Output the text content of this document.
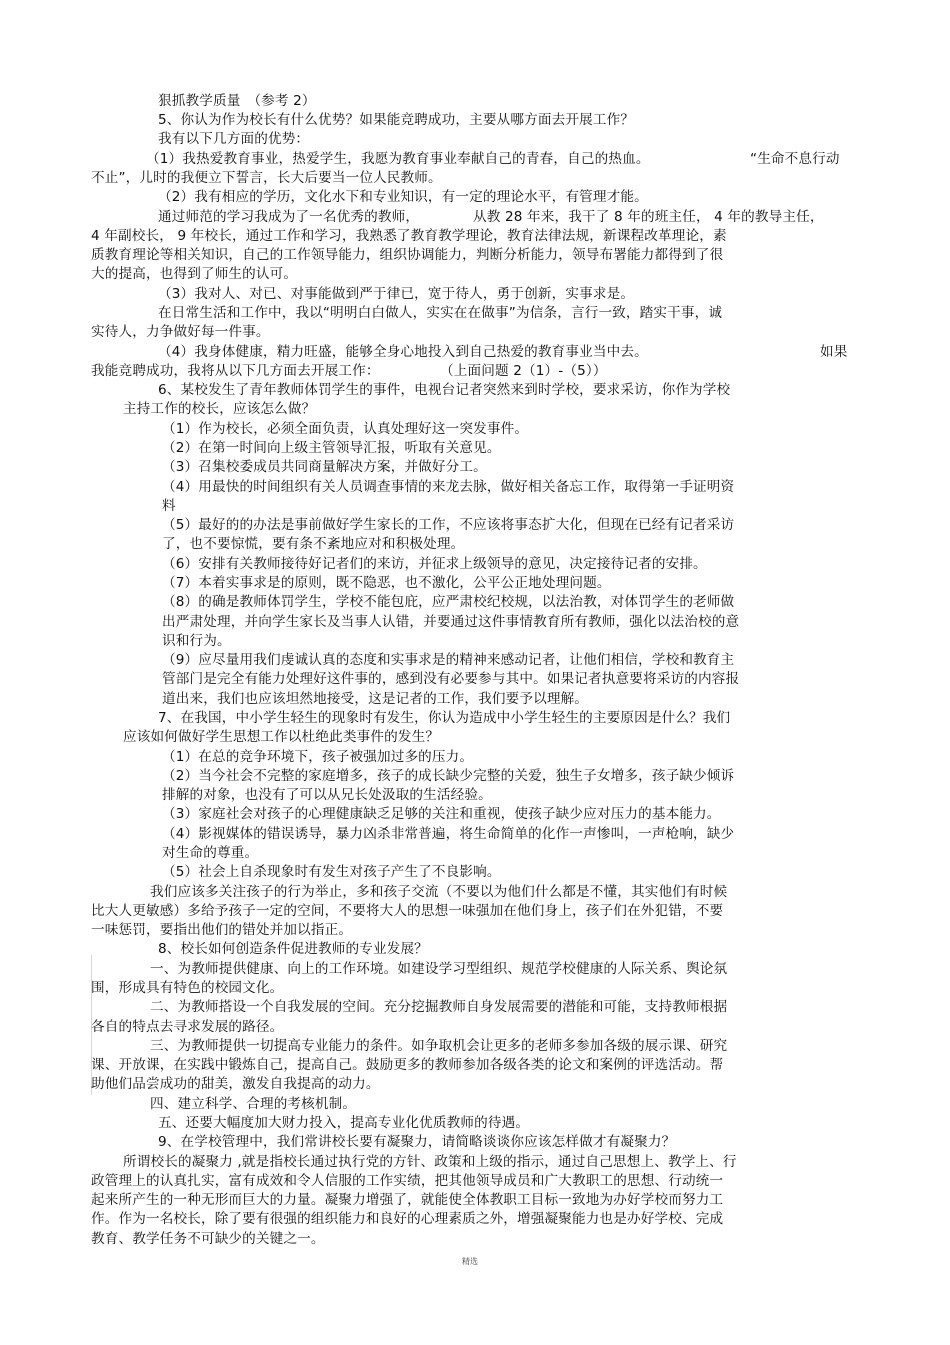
狠抓教学质量　（参考 2）
5、你认为作为校长有什么优势？如果能竞聘成功，主要从哪方面去开展工作？
我有以下几方面的优势：
（1）我热爱教育事业，热爱学生，我愿为教育事业奉献自己的青春，自己的热血。	“生命不息行动
不止”，儿时的我便立下誓言，长大后要当一位人民教师。
（2）我有相应的学历，文化水下和专业知识，有一定的理论水平，有管理才能。
通过师范的学习我成为了一名优秀的教师，	从教 28 年来，我干了 8 年的班主任， 4 年的教导主任，
4 年副校长， 9 年校长，通过工作和学习，我熟悉了教育教学理论，教育法律法规，新课程改革理论，素
质教育理论等相关知识，自己的工作领导能力，组织协调能力，判断分析能力，领导布署能力都得到了很
大的提高，也得到了师生的认可。
（3）我对人、对已、对事能做到严于律已，宽于待人，勇于创新，实事求是。
在日常生活和工作中，我以“明明白白做人，实实在在做事”为信条，言行一致，踏实干事，诚
实待人，力争做好每一件事。
（4）我身体健康，精力旺盛，能够全身心地投入到自己热爱的教育事业当中去。	如果
我能竞聘成功，我将从以下几方面去开展工作：	（上面问题 2（1）-（5））
6、某校发生了青年教师体罚学生的事件，电视台记者突然来到时学校，要求采访，你作为学校
主持工作的校长，应该怎么做？
（1）作为校长，必须全面负责，认真处理好这一突发事件。
（2）在第一时间向上级主管领导汇报，听取有关意见。
（3）召集校委成员共同商量解决方案，并做好分工。
（4）用最快的时间组织有关人员调查事情的来龙去脉，做好相关备忘工作，取得第一手证明资
料
（5）最好的的办法是事前做好学生家长的工作，不应该将事态扩大化，但现在已经有记者采访
了，也不要惊慌，要有条不紊地应对和积极处理。
（6）安排有关教师接待好记者们的来访，并征求上级领导的意见，决定接待记者的安排。
（7）本着实事求是的原则，既不隐恶，也不激化，公平公正地处理问题。
（8）的确是教师体罚学生，学校不能包庇，应严肃校纪校规，以法治教，对体罚学生的老师做
出严肃处理，并向学生家长及当事人认错，并要通过这件事情教育所有教师，强化以法治校的意
识和行为。
（9）应尽量用我们虔诚认真的态度和实事求是的精神来感动记者，让他们相信，学校和教育主
管部门是完全有能力处理好这件事的，感到没有必要参与其中。如果记者执意要将采访的内容报
道出来，我们也应该坦然地接受，这是记者的工作，我们要予以理解。
7、在我国，中小学生轻生的现象时有发生，你认为造成中小学生轻生的主要原因是什么？我们
应该如何做好学生思想工作以杜绝此类事件的发生？
（1）在总的竞争环境下，孩子被强加过多的压力。
（2）当今社会不完整的家庭增多，孩子的成长缺少完整的关爱，独生子女增多，孩子缺少倾诉
排解的对象，也没有了可以从兄长处汲取的生活经验。
（3）家庭社会对孩子的心理健康缺乏足够的关注和重视，使孩子缺少应对压力的基本能力。
（4）影视媒体的错误诱导，暴力凶杀非常普遍，将生命简单的化作一声惨叫，一声枪响，缺少
对生命的尊重。
（5）社会上自杀现象时有发生对孩子产生了不良影响。
我们应该多关注孩子的行为举止，多和孩子交流（不要以为他们什么都是不懂，其实他们有时候
比大人更敏感）多给予孩子一定的空间，不要将大人的思想一味强加在他们身上，孩子们在外犯错，不要
一味惩罚，要指出他们的错处并加以指正。
8、校长如何创造条件促进教师的专业发展？
一、为教师提供健康、向上的工作环境。如建设学习型组织、规范学校健康的人际关系、舆论氛
围，形成具有特色的校园文化。
二、为教师搭设一个自我发展的空间。充分挖掘教师自身发展需要的潜能和可能，支持教师根据
各自的特点去寻求发展的路径。
三、为教师提供一切提高专业能力的条件。如争取机会让更多的老师多参加各级的展示课、研究
课、开放课，在实践中锻炼自己，提高自己。鼓励更多的教师参加各级各类的论文和案例的评选活动。帮
助他们品尝成功的甜美，激发自我提高的动力。
四、建立科学、合理的考核机制。
五、还要大幅度加大财力投入，提高专业化优质教师的待遇。
9、在学校管理中，我们常讲校长要有凝聚力，请简略谈谈你应该怎样做才有凝聚力？
所谓校长的凝聚力 ,就是指校长通过执行党的方针、政策和上级的指示，通过自己思想上、教学上、行
政管理上的认真扎实，富有成效和令人信服的工作实绩，把其他领导成员和广大教职工的思想、行动统一
起来所产生的一种无形而巨大的力量。凝聚力增强了，就能使全体教职工目标一致地为办好学校而努力工
作。作为一名校长，除了要有很强的组织能力和良好的心理素质之外，增强凝聚能力也是办好学校、完成
教育、教学任务不可缺少的关键之一。
精选
